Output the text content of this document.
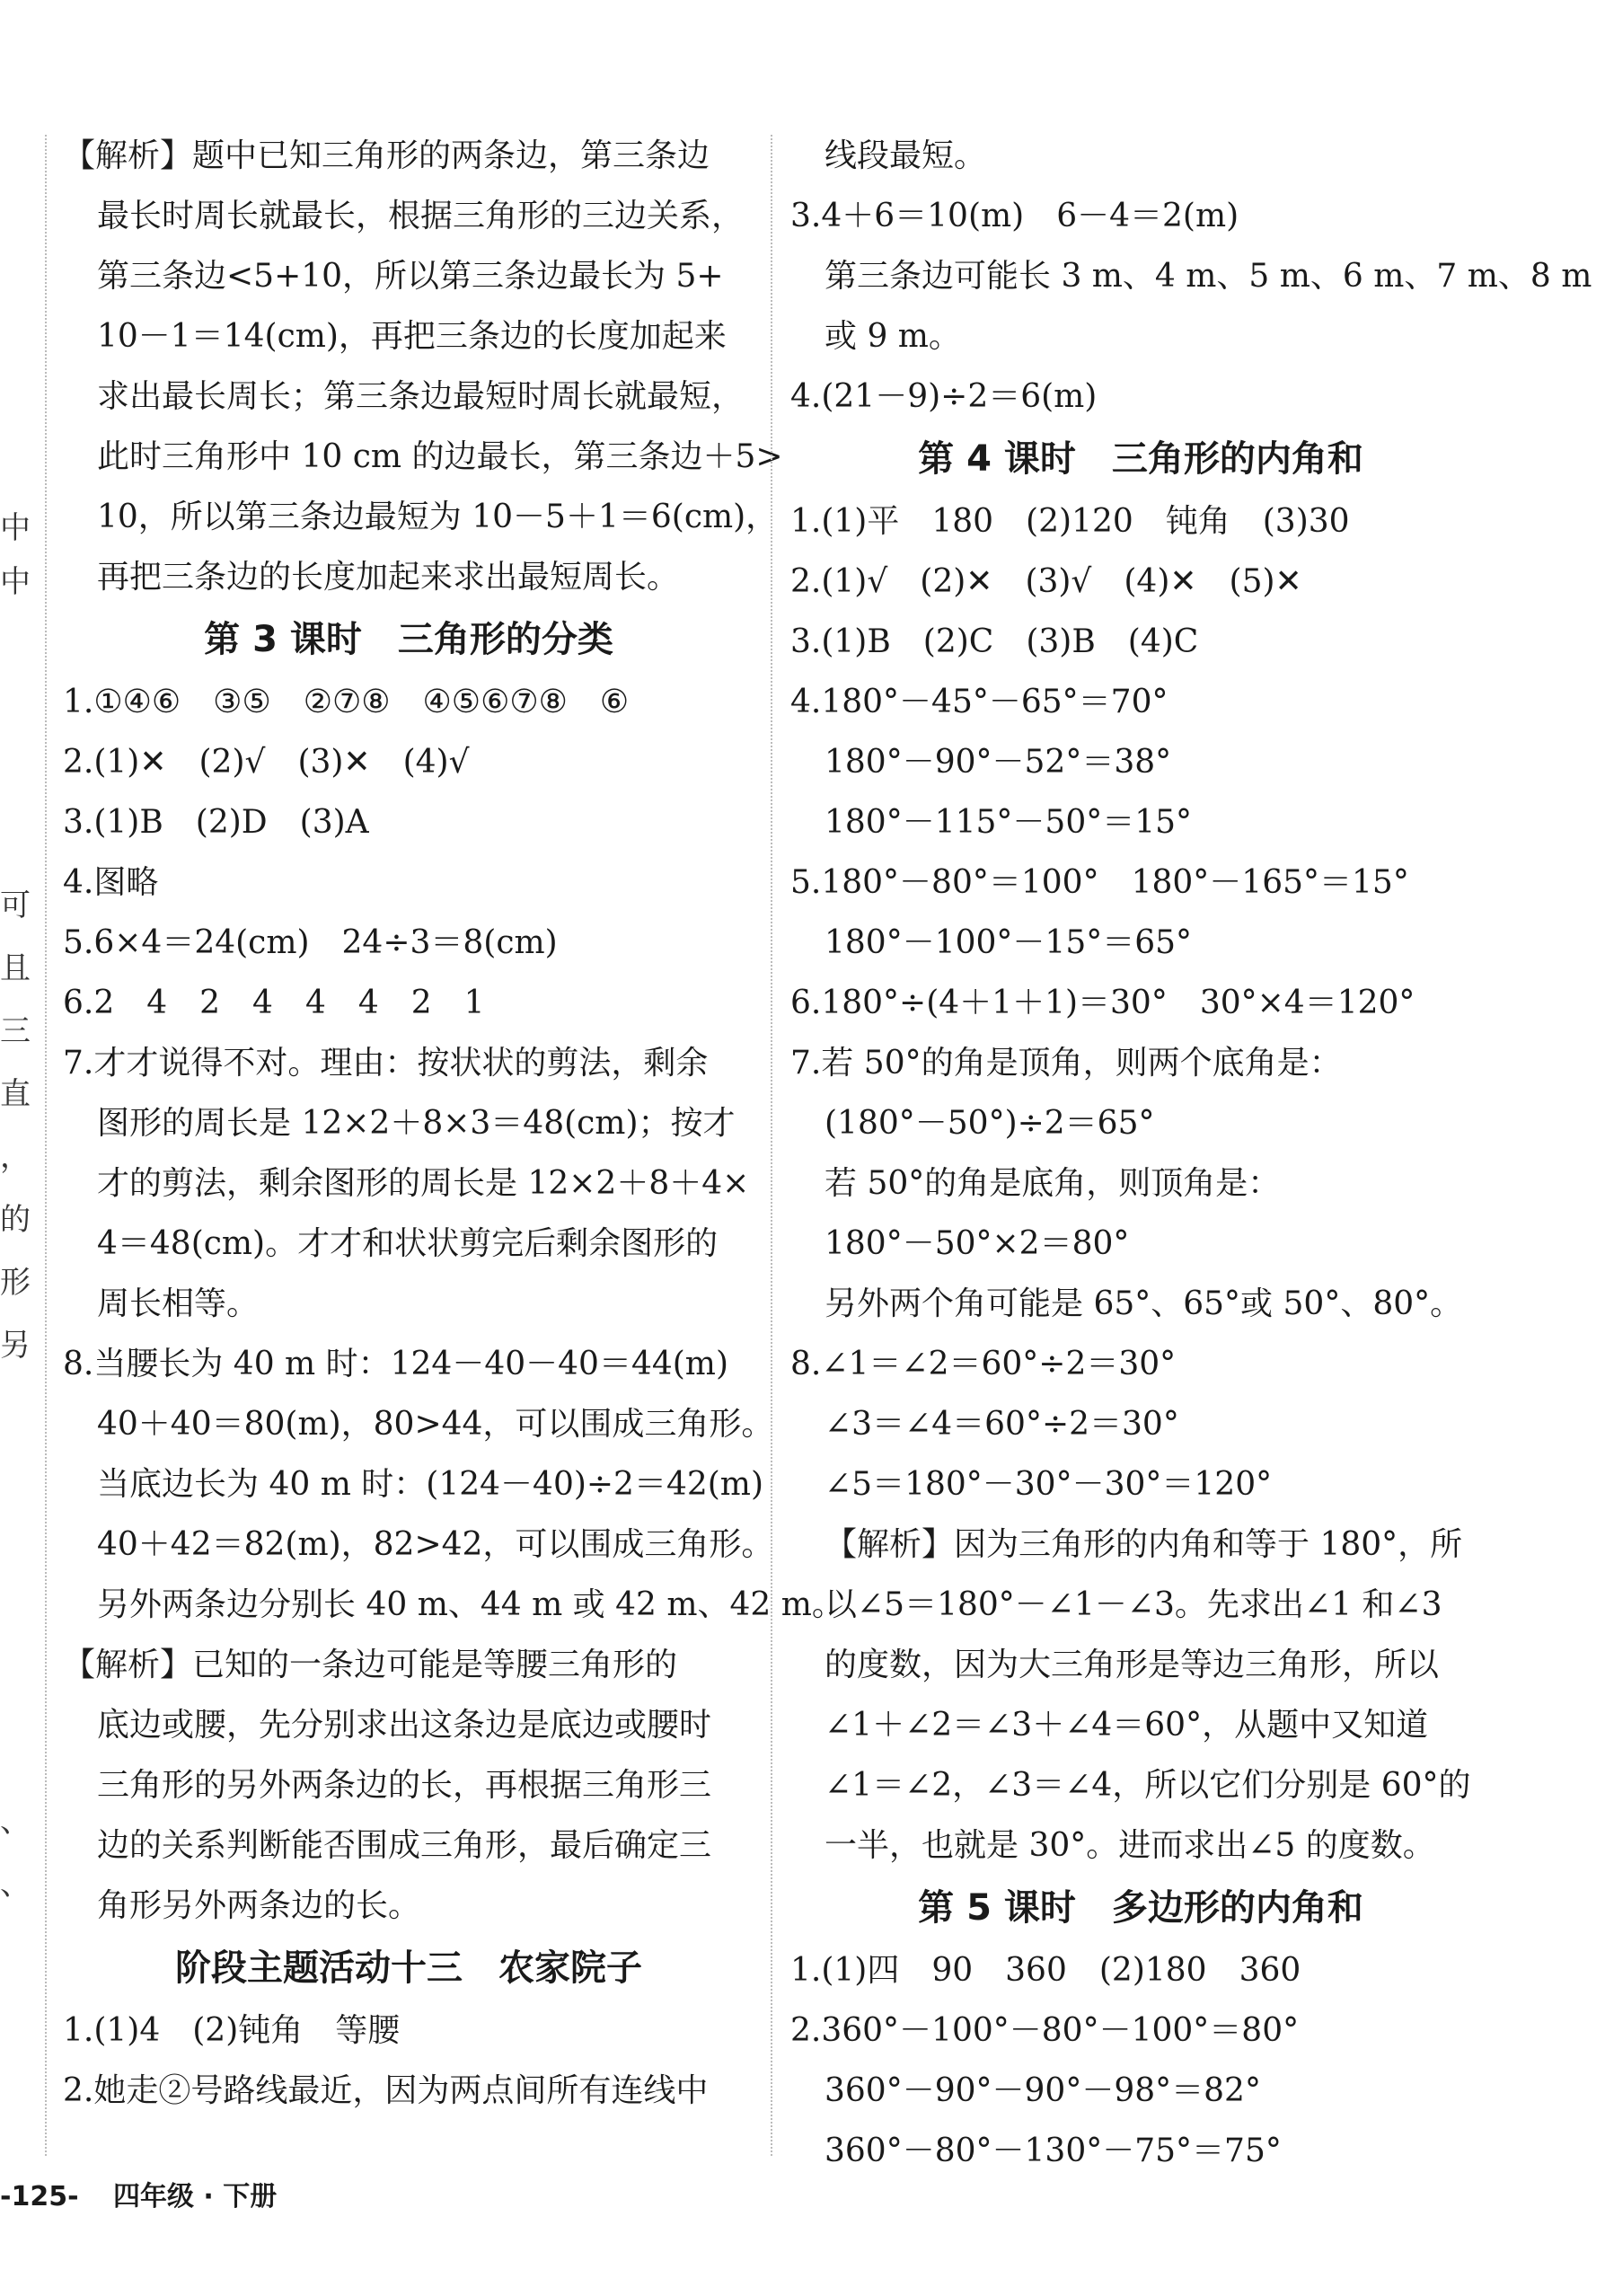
中
中
可
且
三
直
，
的
形
另
、
、
【解析】题中已知三角形的两条边，第三条边
最长时周长就最长，根据三角形的三边关系，
第三条边<5+10，所以第三条边最长为 5+
10－1＝14(cm)，再把三条边的长度加起来
求出最长周长；第三条边最短时周长就最短，
此时三角形中 10 cm 的边最长，第三条边＋5>
10，所以第三条边最短为 10－5＋1＝6(cm)，
再把三条边的长度加起来求出最短周长。
第 3 课时　三角形的分类
1.①④⑥　③⑤　②⑦⑧　④⑤⑥⑦⑧　⑥
2.(1)✕　(2)√　(3)✕　(4)√
3.(1)B　(2)D　(3)A
4.图略
5.6×4＝24(cm)　24÷3＝8(cm)
6.2　4　2　4　4　4　2　1
7.才才说得不对。理由：按状状的剪法，剩余
图形的周长是 12×2＋8×3＝48(cm)；按才
才的剪法，剩余图形的周长是 12×2＋8＋4×
4＝48(cm)。才才和状状剪完后剩余图形的
周长相等。
8.当腰长为 40 m 时：124－40－40＝44(m)
40＋40＝80(m)，80>44，可以围成三角形。
当底边长为 40 m 时：(124－40)÷2＝42(m)
40＋42＝82(m)，82>42，可以围成三角形。
另外两条边分别长 40 m、44 m 或 42 m、42 m。
【解析】已知的一条边可能是等腰三角形的
底边或腰，先分别求出这条边是底边或腰时
三角形的另外两条边的长，再根据三角形三
边的关系判断能否围成三角形，最后确定三
角形另外两条边的长。
阶段主题活动十三　农家院子
1.(1)4　(2)钝角　等腰
2.她走②号路线最近，因为两点间所有连线中
线段最短。
3.4＋6＝10(m)　6－4＝2(m)
第三条边可能长 3 m、4 m、5 m、6 m、7 m、8 m
或 9 m。
4.(21－9)÷2＝6(m)
第 4 课时　三角形的内角和
1.(1)平　180　(2)120　钝角　(3)30
2.(1)√　(2)✕　(3)√　(4)✕　(5)✕
3.(1)B　(2)C　(3)B　(4)C
4.180°－45°－65°＝70°
180°－90°－52°＝38°
180°－115°－50°＝15°
5.180°－80°＝100°　180°－165°＝15°
180°－100°－15°＝65°
6.180°÷(4＋1＋1)＝30°　30°×4＝120°
7.若 50°的角是顶角，则两个底角是：
(180°－50°)÷2＝65°
若 50°的角是底角，则顶角是：
180°－50°×2＝80°
另外两个角可能是 65°、65°或 50°、80°。
8.∠1＝∠2＝60°÷2＝30°
∠3＝∠4＝60°÷2＝30°
∠5＝180°－30°－30°＝120°
【解析】因为三角形的内角和等于 180°，所
以∠5＝180°－∠1－∠3。先求出∠1 和∠3
的度数，因为大三角形是等边三角形，所以
∠1＋∠2＝∠3＋∠4＝60°，从题中又知道
∠1＝∠2，∠3＝∠4，所以它们分别是 60°的
一半，也就是 30°。进而求出∠5 的度数。
第 5 课时　多边形的内角和
1.(1)四　90　360　(2)180　360
2.360°－100°－80°－100°＝80°
360°－90°－90°－98°＝82°
360°－80°－130°－75°＝75°
-125- 四年级 · 下册
